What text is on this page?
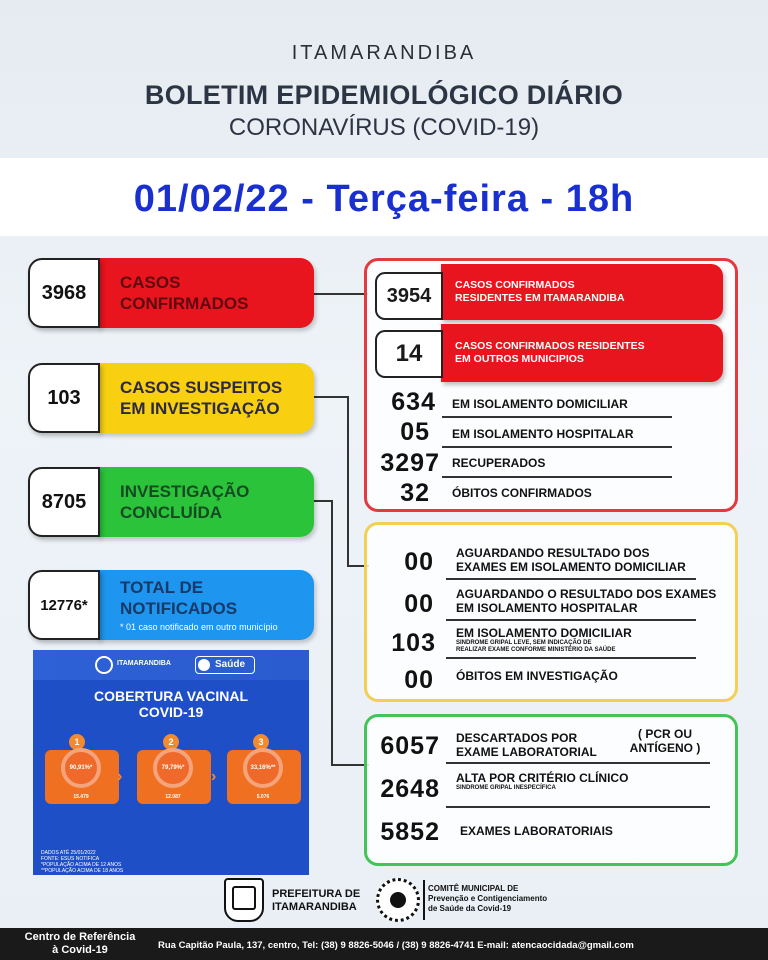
ITAMARANDIBA
BOLETIM EPIDEMIOLÓGICO DIÁRIO
CORONAVÍRUS (COVID-19)
01/02/22 - Terça-feira - 18h
3968	CASOS
CONFIRMADOS
103	CASOS SUSPEITOS
EM INVESTIGAÇÃO
8705	INVESTIGAÇÃO
CONCLUÍDA
12776*
TOTAL DE
NOTIFICADOS
* 01 caso notificado em outro município
3954	CASOS CONFIRMADOS
RESIDENTES EM ITAMARANDIBA
14	CASOS CONFIRMADOS RESIDENTES
EM OUTROS MUNICIPIOS
634 EM ISOLAMENTO DOMICILIAR
05 EM ISOLAMENTO HOSPITALAR
3297 RECUPERADOS
32 ÓBITOS CONFIRMADOS
00 AGUARDANDO RESULTADO DOS
EXAMES EM ISOLAMENTO DOMICILIAR
00 AGUARDANDO O RESULTADO DOS EXAMES
EM ISOLAMENTO HOSPITALAR
103 EM ISOLAMENTO DOMICILIAR
SINDROME GRIPAL LEVE, SEM INDICAÇÃO DE
REALIZAR EXAME CONFORME MINISTÉRIO DA SAÚDE
00 ÓBITOS EM INVESTIGAÇÃO
6057 DESCARTADOS POR
EXAME LABORATORIAL
( PCR OU
ANTÍGENO )
2648 ALTA POR CRITÉRIO CLÍNICO
SINDROME GRIPAL INESPECÍFICA
5852 EXAMES LABORATORIAIS
ITAMARANDIBA	Saúde
COBERTURA VACINAL
COVID-19
1
90,91%*
15.479
›
2
79,79%*
12.087
›
3
33,16%**
5.076
DADOS ATÉ 25/01/2022
FONTE: ESUS NOTIFICA
*POPULAÇÃO ACIMA DE 12 ANOS
**POPULAÇÃO ACIMA DE 18 ANOS
PREFEITURA DE
ITAMARANDIBA
COMITÊ MUNICIPAL DE
Prevenção e Contigenciamento
de Saúde da Covid-19
Centro de Referência
à Covid-19	Rua Capitão Paula, 137, centro, Tel: (38) 9 8826-5046 / (38) 9 8826-4741 E-mail: atencaocidada@gmail.com
